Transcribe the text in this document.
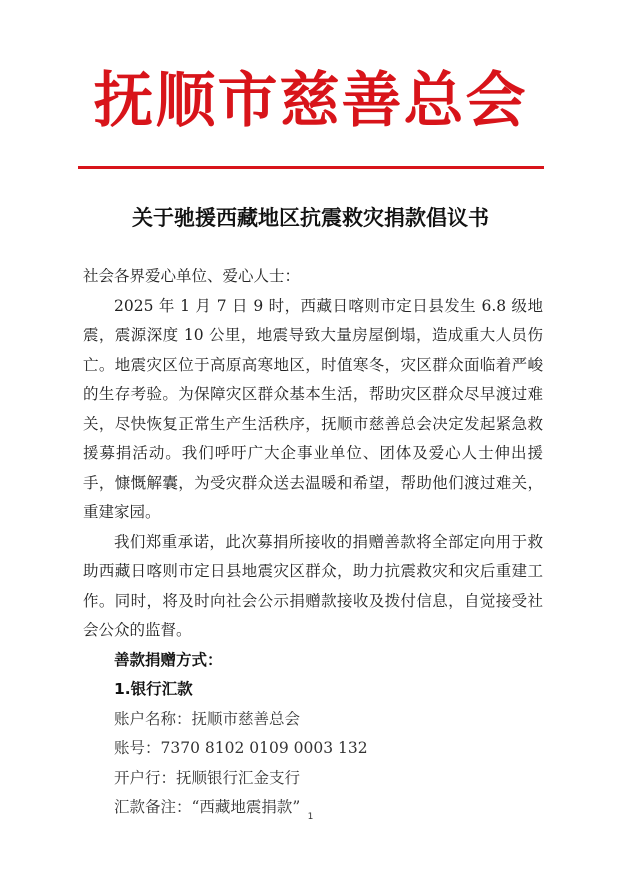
抚顺市慈善总会
关于驰援西藏地区抗震救灾捐款倡议书

社会各界爱心单位、爱心人士：

2025 年 1 月 7 日 9 时，西藏日喀则市定日县发生 6.8 级地震，震源深度 10 公里，地震导致大量房屋倒塌，造成重大人员伤亡。地震灾区位于高原高寒地区，时值寒冬，灾区群众面临着严峻的生存考验。为保障灾区群众基本生活，帮助灾区群众尽早渡过难关，尽快恢复正常生产生活秩序，抚顺市慈善总会决定发起紧急救援募捐活动。我们呼吁广大企事业单位、团体及爱心人士伸出援手，慷慨解囊，为受灾群众送去温暖和希望，帮助他们渡过难关，重建家园。

我们郑重承诺，此次募捐所接收的捐赠善款将全部定向用于救助西藏日喀则市定日县地震灾区群众，助力抗震救灾和灾后重建工作。同时，将及时向社会公示捐赠款接收及拨付信息，自觉接受社会公众的监督。

善款捐赠方式：

1.银行汇款

账户名称：抚顺市慈善总会

账号：7370 8102 0109 0003 132

开户行：抚顺银行汇金支行

汇款备注：“西藏地震捐款”

1
